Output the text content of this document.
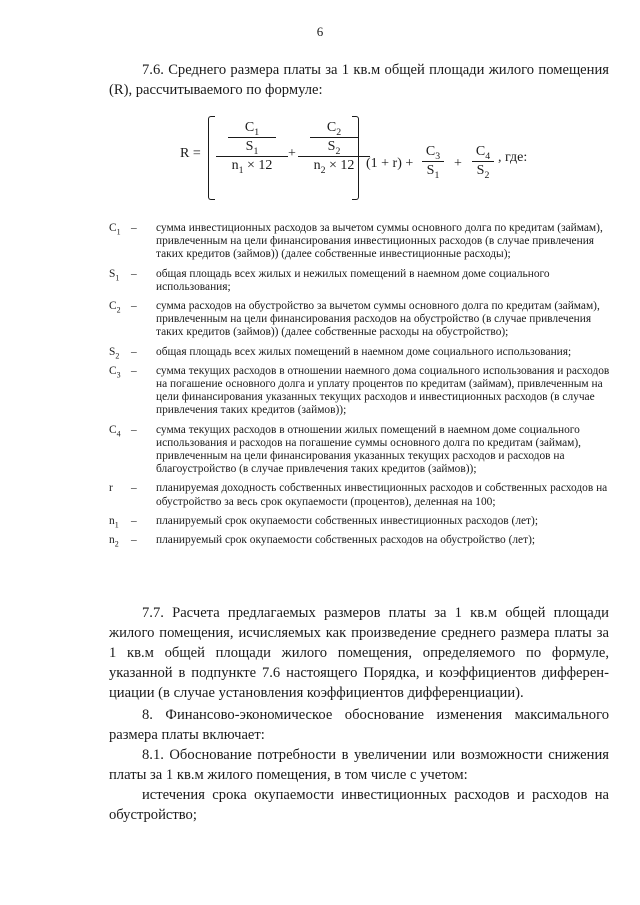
6

7.6. Среднего размера платы за 1 кв.м общей площади жилого помещения (R), рассчитываемого по формуле:

R =
$C_1$
$S_1$
$n_1 \times 12$
+
$C_2$
$S_2$
$n_2 \times 12$ (1 + r) +
$C_3$
$S_1$
+
$C_4$
$S_2$
, где:
$C_1$ – сумма инвестиционных расходов за вычетом суммы основного долга по кредитам (займам), привлеченным на цели финансирования инвестиционных расходов (в случае привлечения таких кредитов (займов)) (далее собственные инвестиционные расходы);
$S_1$	– общая площадь всех жилых и нежилых помещений в наемном доме социального использования;
$C_2$ – сумма расходов на обустройство за вычетом суммы основного долга по кредитам (займам), привлеченным на цели финансирования расходов на обустройство (в случае привлечения таких кредитов (займов)) (далее собственные расходы на обустройство);
$S_2$	– общая площадь всех жилых помещений в наемном доме социального использования;
$C_3$ – сумма текущих расходов в отношении наемного дома социального использования и расходов на погашение основного долга и уплату процентов по кредитам (займам), привлеченным на цели финансирования указанных текущих расходов и инвестиционных расходов (в случае привлечения таких кредитов (займов));
$C_4$ – сумма текущих расходов в отношении жилых помещений в наемном доме социального использования и расходов на погашение суммы основного долга по кредитам (займам), привлеченным на цели финансирования указанных текущих расходов и расходов на благоустройство (в случае привлечения таких кредитов (займов));
r	– планируемая доходность собственных инвестиционных расходов и собственных расходов на обустройство за весь срок окупаемости (процентов), деленная на 100;
$n_1$	– планируемый срок окупаемости собственных инвестиционных расходов (лет);
$n_2$	– планируемый срок окупаемости собственных расходов на обустройство (лет);

7.7. Расчета предлагаемых размеров платы за 1 кв.м общей площади жилого помещения, исчисляемых как произведение среднего размера платы за 1 кв.м общей площади жилого помещения, определяемого по формуле, указанной в подпункте 7.6 настоящего Порядка, и коэффициентов дифференциации (в случае установления коэффициентов дифференциации).

8. Финансово-экономическое обоснование изменения максимального размера платы включает:

8.1. Обоснование потребности в увеличении или возможности снижения платы за 1 кв.м жилого помещения, в том числе с учетом:

истечения срока окупаемости инвестиционных расходов и расходов на обустройство;
